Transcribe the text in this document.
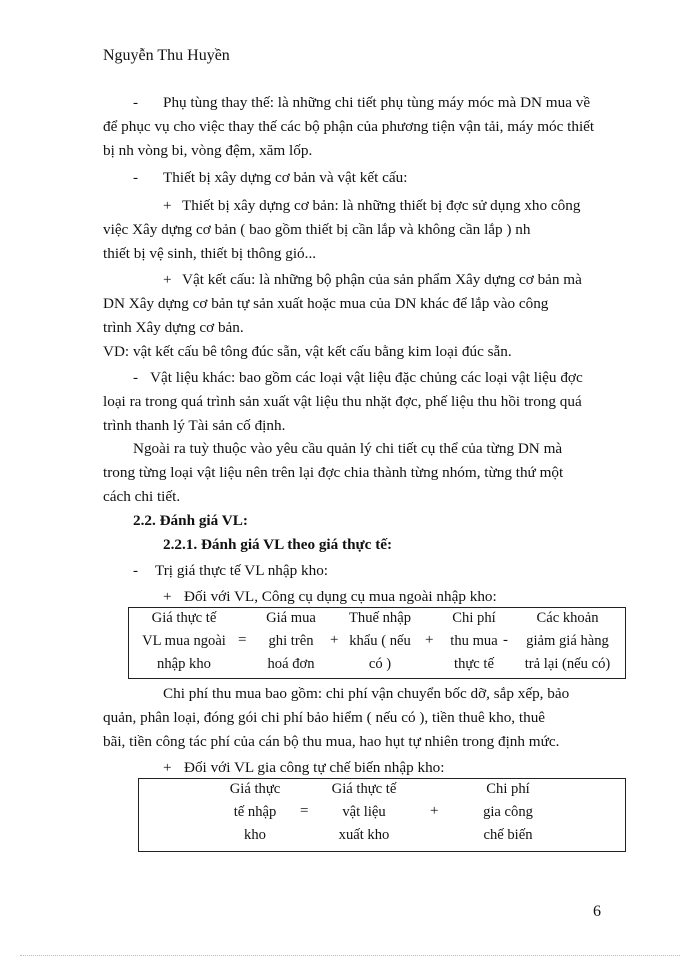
Nguyễn Thu Huyền
- Phụ tùng thay thế: là những chi tiết phụ tùng máy móc mà DN mua về
để phục vụ cho việc thay thế các bộ phận của phương tiện vận tải, máy móc thiết
bị nh vòng bi, vòng đệm, xăm lốp.
- Thiết bị xây dựng cơ bản và vật kết cấu:
+ Thiết bị xây dựng cơ bản: là những thiết bị đợc sử dụng xho công
việc Xây dựng cơ bản ( bao gồm thiết bị cần lắp và không cần lắp ) nh
thiết bị vệ sinh, thiết bị thông gió...
+ Vật kết cấu: là những bộ phận của sản phẩm Xây dựng cơ bản mà
DN Xây dựng cơ bản tự sản xuất hoặc mua của DN khác để lắp vào công
trình Xây dựng cơ bản.
VD: vật kết cấu bê tông đúc sẵn, vật kết cấu bằng kim loại đúc sẵn.
- Vật liệu khác: bao gồm các loại vật liệu đặc chủng các loại vật liệu đợc
loại ra trong quá trình sản xuất vật liệu thu nhặt đợc, phế liệu thu hồi trong quá
trình thanh lý Tài sản cố định.
Ngoài ra tuỳ thuộc vào yêu cầu quản lý chi tiết cụ thể của từng DN mà
trong từng loại vật liệu nên trên lại đợc chia thành từng nhóm, từng thứ một
cách chi tiết.
2.2. Đánh giá VL:
2.2.1. Đánh giá VL theo giá thực tế:
- Trị giá thực tế VL nhập kho:
+ Đối với VL, Công cụ dụng cụ mua ngoài nhập kho:
Giá thực tế
VL mua ngoài
nhập kho
=
Giá mua
ghi trên
hoá đơn
+
Thuế nhập
khẩu ( nếu
có )
+
Chi phí
thu mua
thực tế
-
Các khoản
giảm giá hàng
trả lại (nếu có)
Chi phí thu mua bao gồm: chi phí vận chuyển bốc dỡ, sắp xếp, bảo
quản, phân loại, đóng gói chi phí bảo hiểm ( nếu có ), tiền thuê kho, thuê
bãi, tiền công tác phí của cán bộ thu mua, hao hụt tự nhiên trong định mức.
+ Đối với VL gia công tự chế biến nhập kho:
Giá thực
tế nhập
kho
=
Giá thực tế
vật liệu
xuất kho
+
Chi phí
gia công
chế biến
6
